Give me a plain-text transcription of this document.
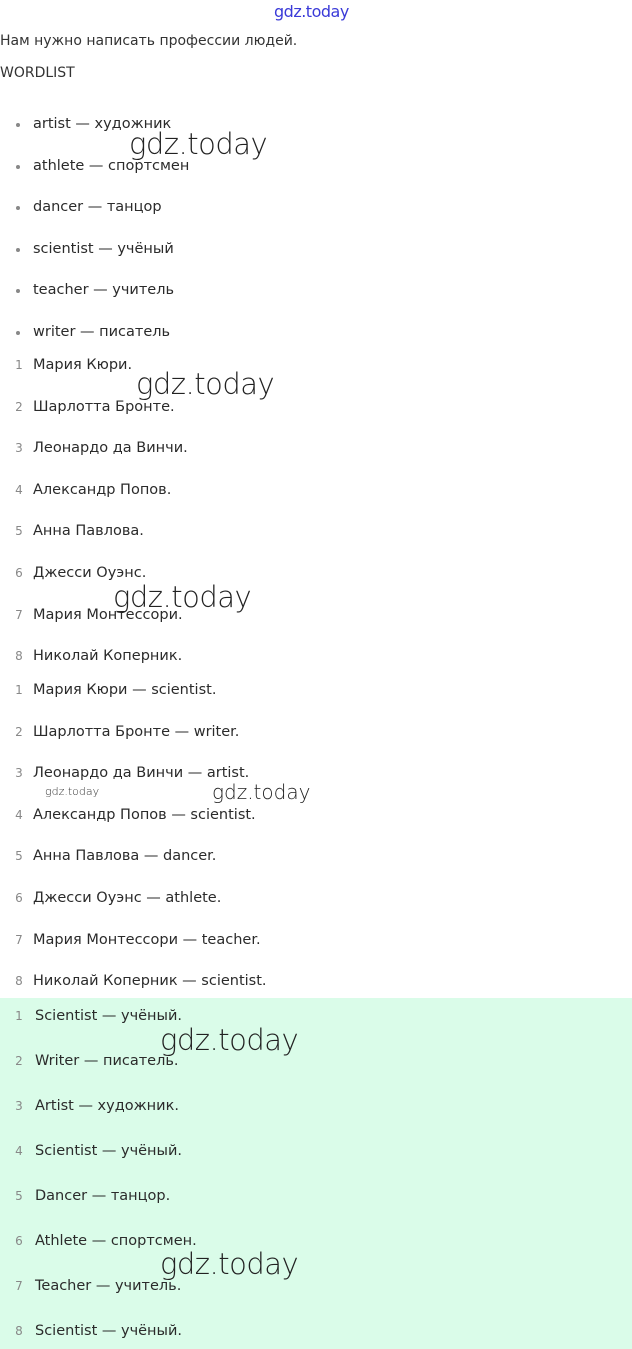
gdz.today
Нам нужно написать профессии людей.
WORDLIST
artist — художник
athlete — спортсмен
dancer — танцор
scientist — учёный
teacher — учитель
writer — писатель
1 Мария Кюри.
2 Шарлотта Бронте.
3 Леонардо да Винчи.
4 Александр Попов.
5 Анна Павлова.
6 Джесси Оуэнс.
7 Мария Монтессори.
8 Николай Коперник.
1 Мария Кюри — scientist.
2 Шарлотта Бронте — writer.
3 Леонардо да Винчи — artist.
4 Александр Попов — scientist.
5 Анна Павлова — dancer.
6 Джесси Оуэнс — athlete.
7 Мария Монтессори — teacher.
8 Николай Коперник — scientist.
1 Scientist — учёный.
2 Writer — писатель.
3 Artist — художник.
4 Scientist — учёный.
5 Dancer — танцор.
6 Athlete — спортсмен.
7 Teacher — учитель.
8 Scientist — учёный.
gdz.today
gdz.today
gdz.today
gdz.today	gdz.today
gdz.today
gdz.today
